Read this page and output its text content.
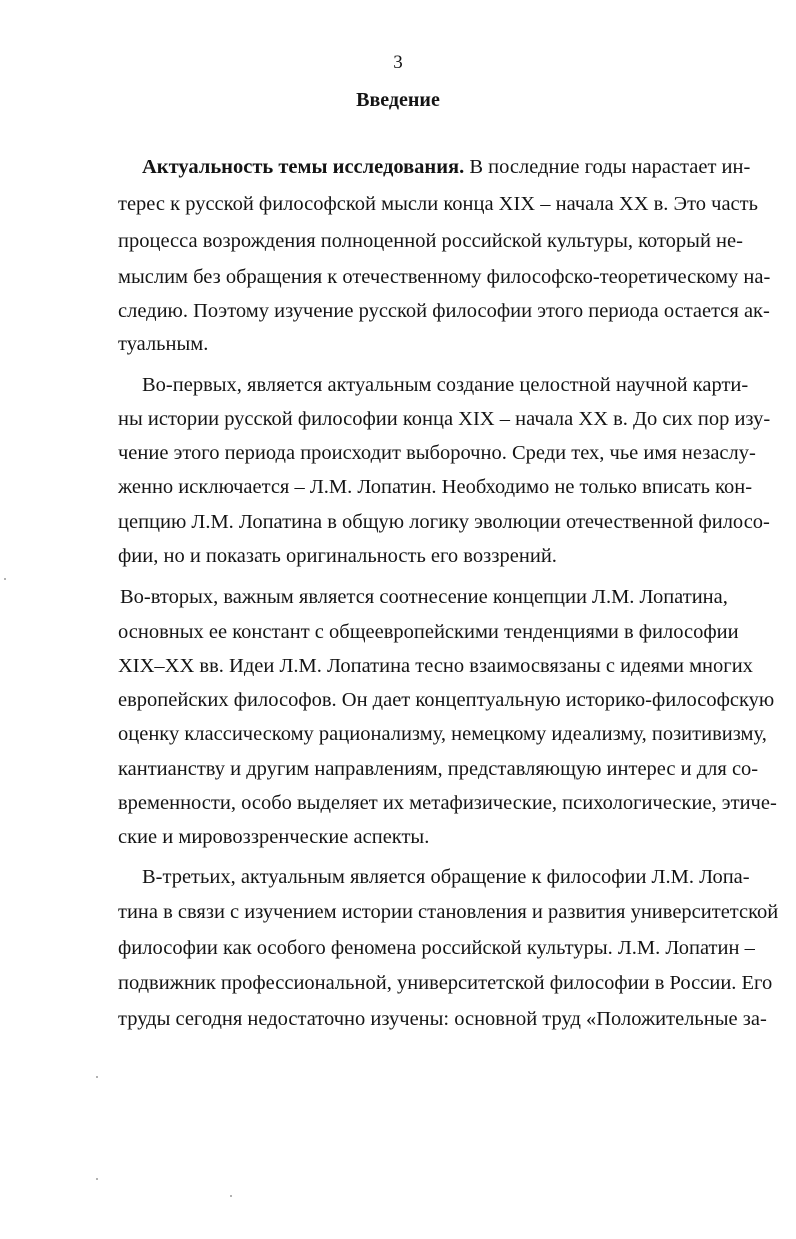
3
Введение
Актуальность темы исследования. В последние годы нарастает ин-
терес к русской философской мысли конца XIX – начала XX в. Это часть
процесса возрождения полноценной российской культуры, который не-
мыслим без обращения к отечественному философско-теоретическому на-
следию. Поэтому изучение русской философии этого периода остается ак-
туальным.
Во-первых, является актуальным создание целостной научной карти-
ны истории русской философии конца XIX – начала XX в. До сих пор изу-
чение этого периода происходит выборочно. Среди тех, чье имя незаслу-
женно исключается – Л.М. Лопатин. Необходимо не только вписать кон-
цепцию Л.М. Лопатина в общую логику эволюции отечественной филосо-
фии, но и показать оригинальность его воззрений.
Во-вторых, важным является соотнесение концепции Л.М. Лопатина,
основных ее констант с общеевропейскими тенденциями в философии
XIX–XX вв. Идеи Л.М. Лопатина тесно взаимосвязаны с идеями многих
европейских философов. Он дает концептуальную историко-философскую
оценку классическому рационализму, немецкому идеализму, позитивизму,
кантианству и другим направлениям, представляющую интерес и для со-
временности, особо выделяет их метафизические, психологические, этиче-
ские и мировоззренческие аспекты.
В-третьих, актуальным является обращение к философии Л.М. Лопа-
тина в связи с изучением истории становления и развития университетской
философии как особого феномена российской культуры. Л.М. Лопатин –
подвижник профессиональной, университетской философии в России. Его
труды сегодня недостаточно изучены: основной труд «Положительные за-
